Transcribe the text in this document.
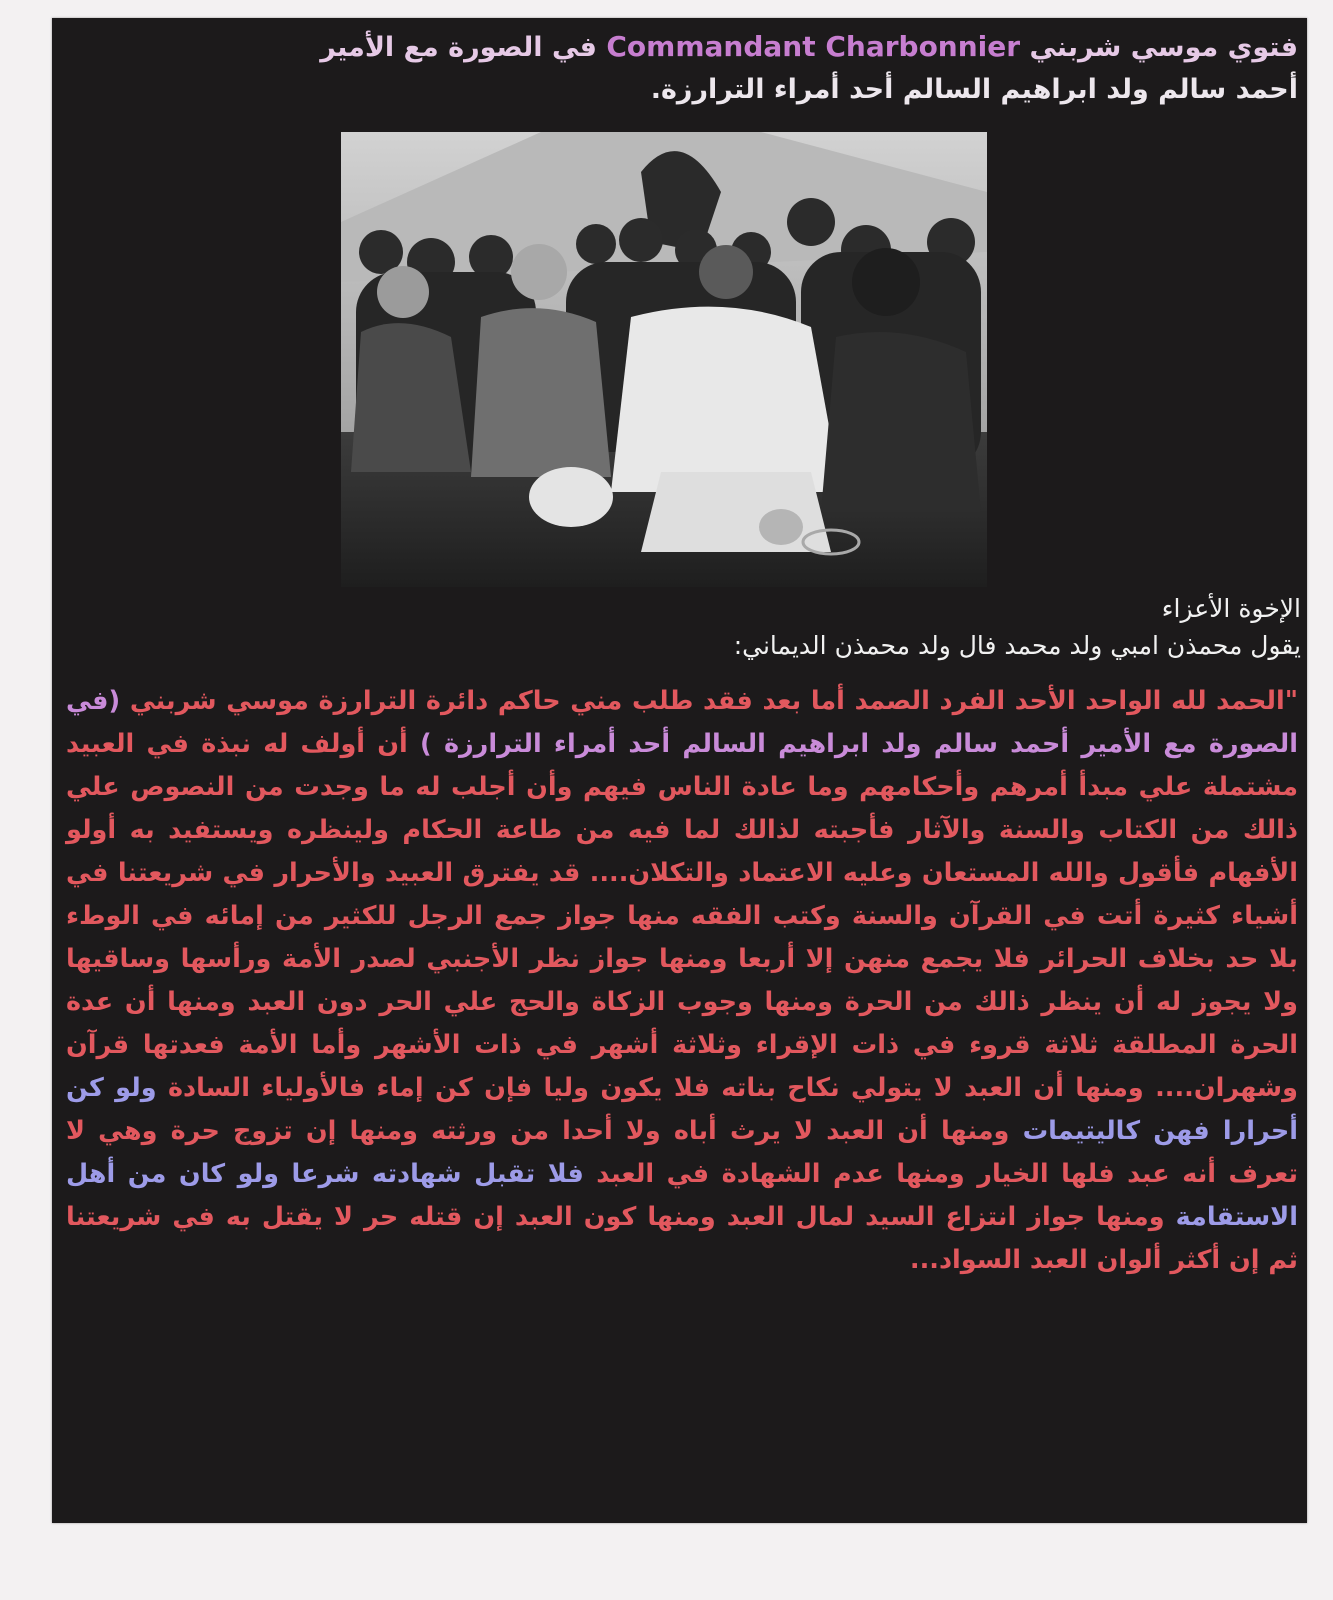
فتوي موسي شربني Commandant Charbonnier في الصورة مع الأمير
أحمد سالم ولد ابراهيم السالم أحد أمراء الترارزة.
الإخوة الأعزاء
يقول محمذن امبي ولد محمد فال ولد محمذن الديماني:
"الحمد لله الواحد الأحد الفرد الصمد أما بعد فقد طلب مني حاكم دائرة الترارزة موسي شربني (في الصورة مع الأمير أحمد سالم ولد ابراهيم السالم أحد أمراء الترارزة ) أن أولف له نبذة في العبيد مشتملة علي مبدأ أمرهم وأحكامهم وما عادة الناس فيهم وأن أجلب له ما وجدت من النصوص علي ذالك من الكتاب والسنة والآثار فأجبته لذالك لما فيه من طاعة الحكام ولينظره ويستفيد به أولو الأفهام فأقول والله المستعان وعليه الاعتماد والتكلان.... قد يفترق العبيد والأحرار في شريعتنا في أشياء كثيرة أتت في القرآن والسنة وكتب الفقه منها جواز جمع الرجل للكثير من إمائه في الوطء بلا حد بخلاف الحرائر فلا يجمع منهن إلا أربعا ومنها جواز نظر الأجنبي لصدر الأمة ورأسها وساقيها ولا يجوز له أن ينظر ذالك من الحرة ومنها وجوب الزكاة والحج علي الحر دون العبد ومنها أن عدة الحرة المطلقة ثلاثة قروء في ذات الإقراء وثلاثة أشهر في ذات الأشهر وأما الأمة فعدتها قرآن وشهران.... ومنها أن العبد لا يتولي نكاح بناته فلا يكون وليا فإن كن إماء فالأولياء السادة ولو كن أحرارا فهن كاليتيمات ومنها أن العبد لا يرث أباه ولا أحدا من ورثته ومنها إن تزوج حرة وهي لا تعرف أنه عبد فلها الخيار ومنها عدم الشهادة في العبد فلا تقبل شهادته شرعا ولو كان من أهل الاستقامة ومنها جواز انتزاع السيد لمال العبد ومنها كون العبد إن قتله حر لا يقتل به في شريعتنا ثم إن أكثر ألوان العبد السواد...
